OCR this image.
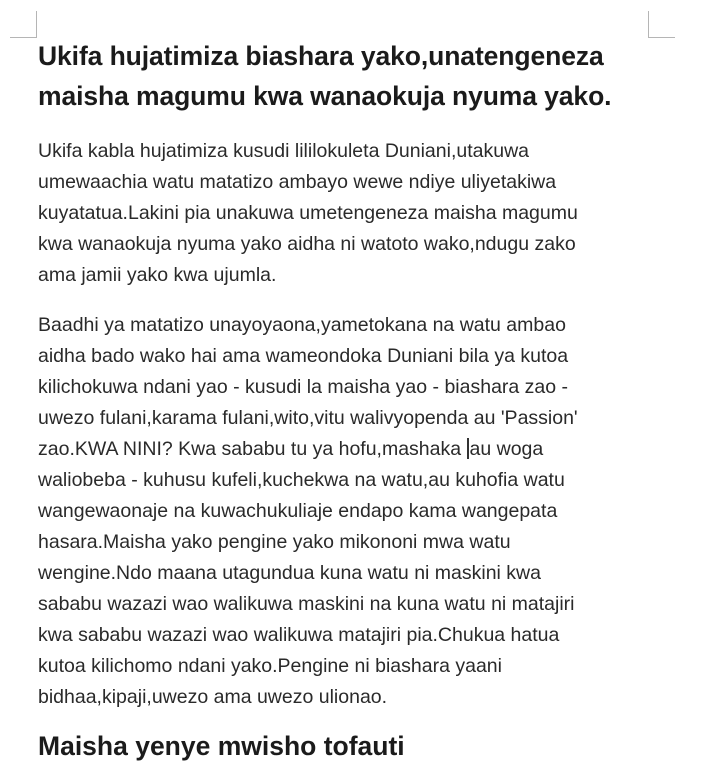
Ukifa hujatimiza biashara yako,unatengeneza
maisha magumu kwa wanaokuja nyuma yako.

Ukifa kabla hujatimiza kusudi lililokuleta Duniani,utakuwa
umewaachia watu matatizo ambayo wewe ndiye uliyetakiwa
kuyatatua.Lakini pia unakuwa umetengeneza maisha magumu
kwa wanaokuja nyuma yako aidha ni watoto wako,ndugu zako
ama jamii yako kwa ujumla.

Baadhi ya matatizo unayoyaona,yametokana na watu ambao
aidha bado wako hai ama wameondoka Duniani bila ya kutoa
kilichokuwa ndani yao - kusudi la maisha yao - biashara zao -
uwezo fulani,karama fulani,wito,vitu walivyopenda au 'Passion'
zao.KWA NINI? Kwa sababu tu ya hofu,mashaka au woga
waliobeba - kuhusu kufeli,kuchekwa na watu,au kuhofia watu
wangewaonaje na kuwachukuliaje endapo kama wangepata
hasara.Maisha yako pengine yako mikononi mwa watu
wengine.Ndo maana utagundua kuna watu ni maskini kwa
sababu wazazi wao walikuwa maskini na kuna watu ni matajiri
kwa sababu wazazi wao walikuwa matajiri pia.Chukua hatua
kutoa kilichomo ndani yako.Pengine ni biashara yaani
bidhaa,kipaji,uwezo ama uwezo ulionao.

Maisha yenye mwisho tofauti
